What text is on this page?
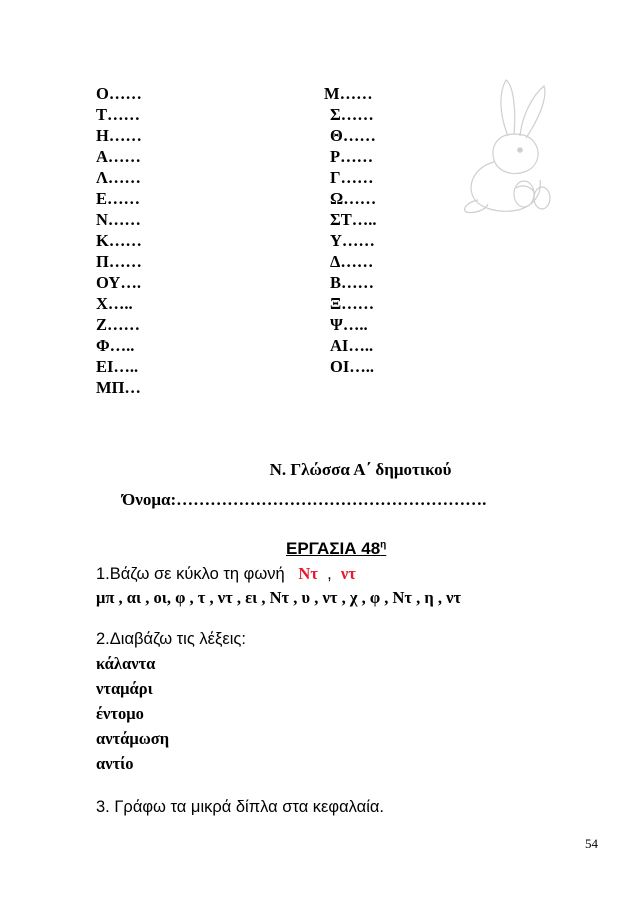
Ο……
Τ……
Η……
Α……
Λ……
Ε……
Ν……
Κ……
Π……
ΟΥ….
Χ…..
Ζ……
Φ…..
ΕΙ…..
ΜΠ…
Μ……
Σ……
Θ……
Ρ……
Γ……
Ω……
ΣΤ…..
Υ……
Δ……
Β……
Ξ……
Ψ…..
ΑΙ…..
ΟΙ…..
Ν. Γλώσσα Α΄ δημοτικού
Όνομα:……………………………………………….
ΕΡΓΑΣΙΑ $48^\eta$
1.Βάζω σε κύκλο τη φωνή Ντ , ντ
μπ , αι , οι, φ , τ , ντ , ει , Ντ , υ , ντ , χ , φ , Ντ , η , ντ
2.Διαβάζω τις λέξεις:
κάλαντα
νταμάρι
έντομο
αντάμωση
αντίο
3. Γράφω τα μικρά δίπλα στα κεφαλαία.
54
